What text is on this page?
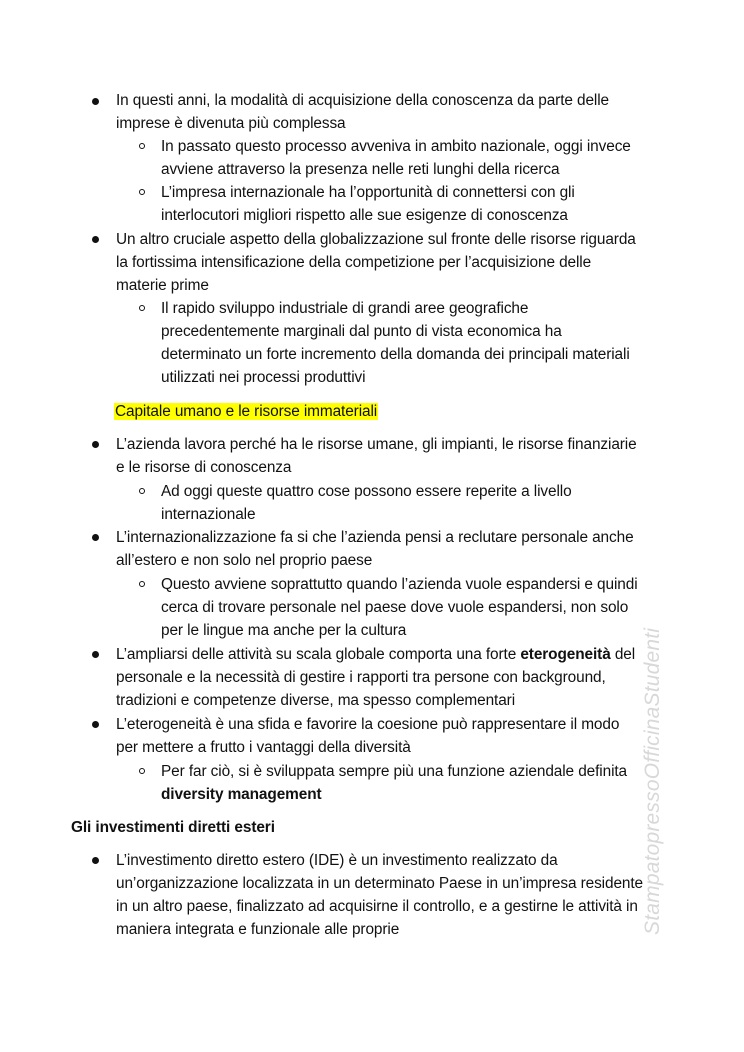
In questi anni, la modalità di acquisizione della conoscenza da parte delle
imprese è divenuta più complessa
In passato questo processo avveniva in ambito nazionale, oggi invece
avviene attraverso la presenza nelle reti lunghi della ricerca
L’impresa internazionale ha l’opportunità di connettersi con gli
interlocutori migliori rispetto alle sue esigenze di conoscenza
Un altro cruciale aspetto della globalizzazione sul fronte delle risorse riguarda
la fortissima intensificazione della competizione per l’acquisizione delle
materie prime
Il rapido sviluppo industriale di grandi aree geografiche
precedentemente marginali dal punto di vista economica ha
determinato un forte incremento della domanda dei principali materiali
utilizzati nei processi produttivi
Capitale umano e le risorse immateriali
L’azienda lavora perché ha le risorse umane, gli impianti, le risorse finanziarie
e le risorse di conoscenza
Ad oggi queste quattro cose possono essere reperite a livello
internazionale
L’internazionalizzazione fa si che l’azienda pensi a reclutare personale anche
all’estero e non solo nel proprio paese
Questo avviene soprattutto quando l’azienda vuole espandersi e quindi
cerca di trovare personale nel paese dove vuole espandersi, non solo
per le lingue ma anche per la cultura
L’ampliarsi delle attività su scala globale comporta una forte eterogeneità del
personale e la necessità di gestire i rapporti tra persone con background,
tradizioni e competenze diverse, ma spesso complementari
L’eterogeneità è una sfida e favorire la coesione può rappresentare il modo
per mettere a frutto i vantaggi della diversità
Per far ciò, si è sviluppata sempre più una funzione aziendale definita
diversity management
Gli investimenti diretti esteri
L’investimento diretto estero (IDE) è un investimento realizzato da
un’organizzazione localizzata in un determinato Paese in un’impresa residente
in un altro paese, finalizzato ad acquisirne il controllo, e a gestirne le attività in
maniera integrata e funzionale alle proprie	StampatopressoOfficinaStudenti
